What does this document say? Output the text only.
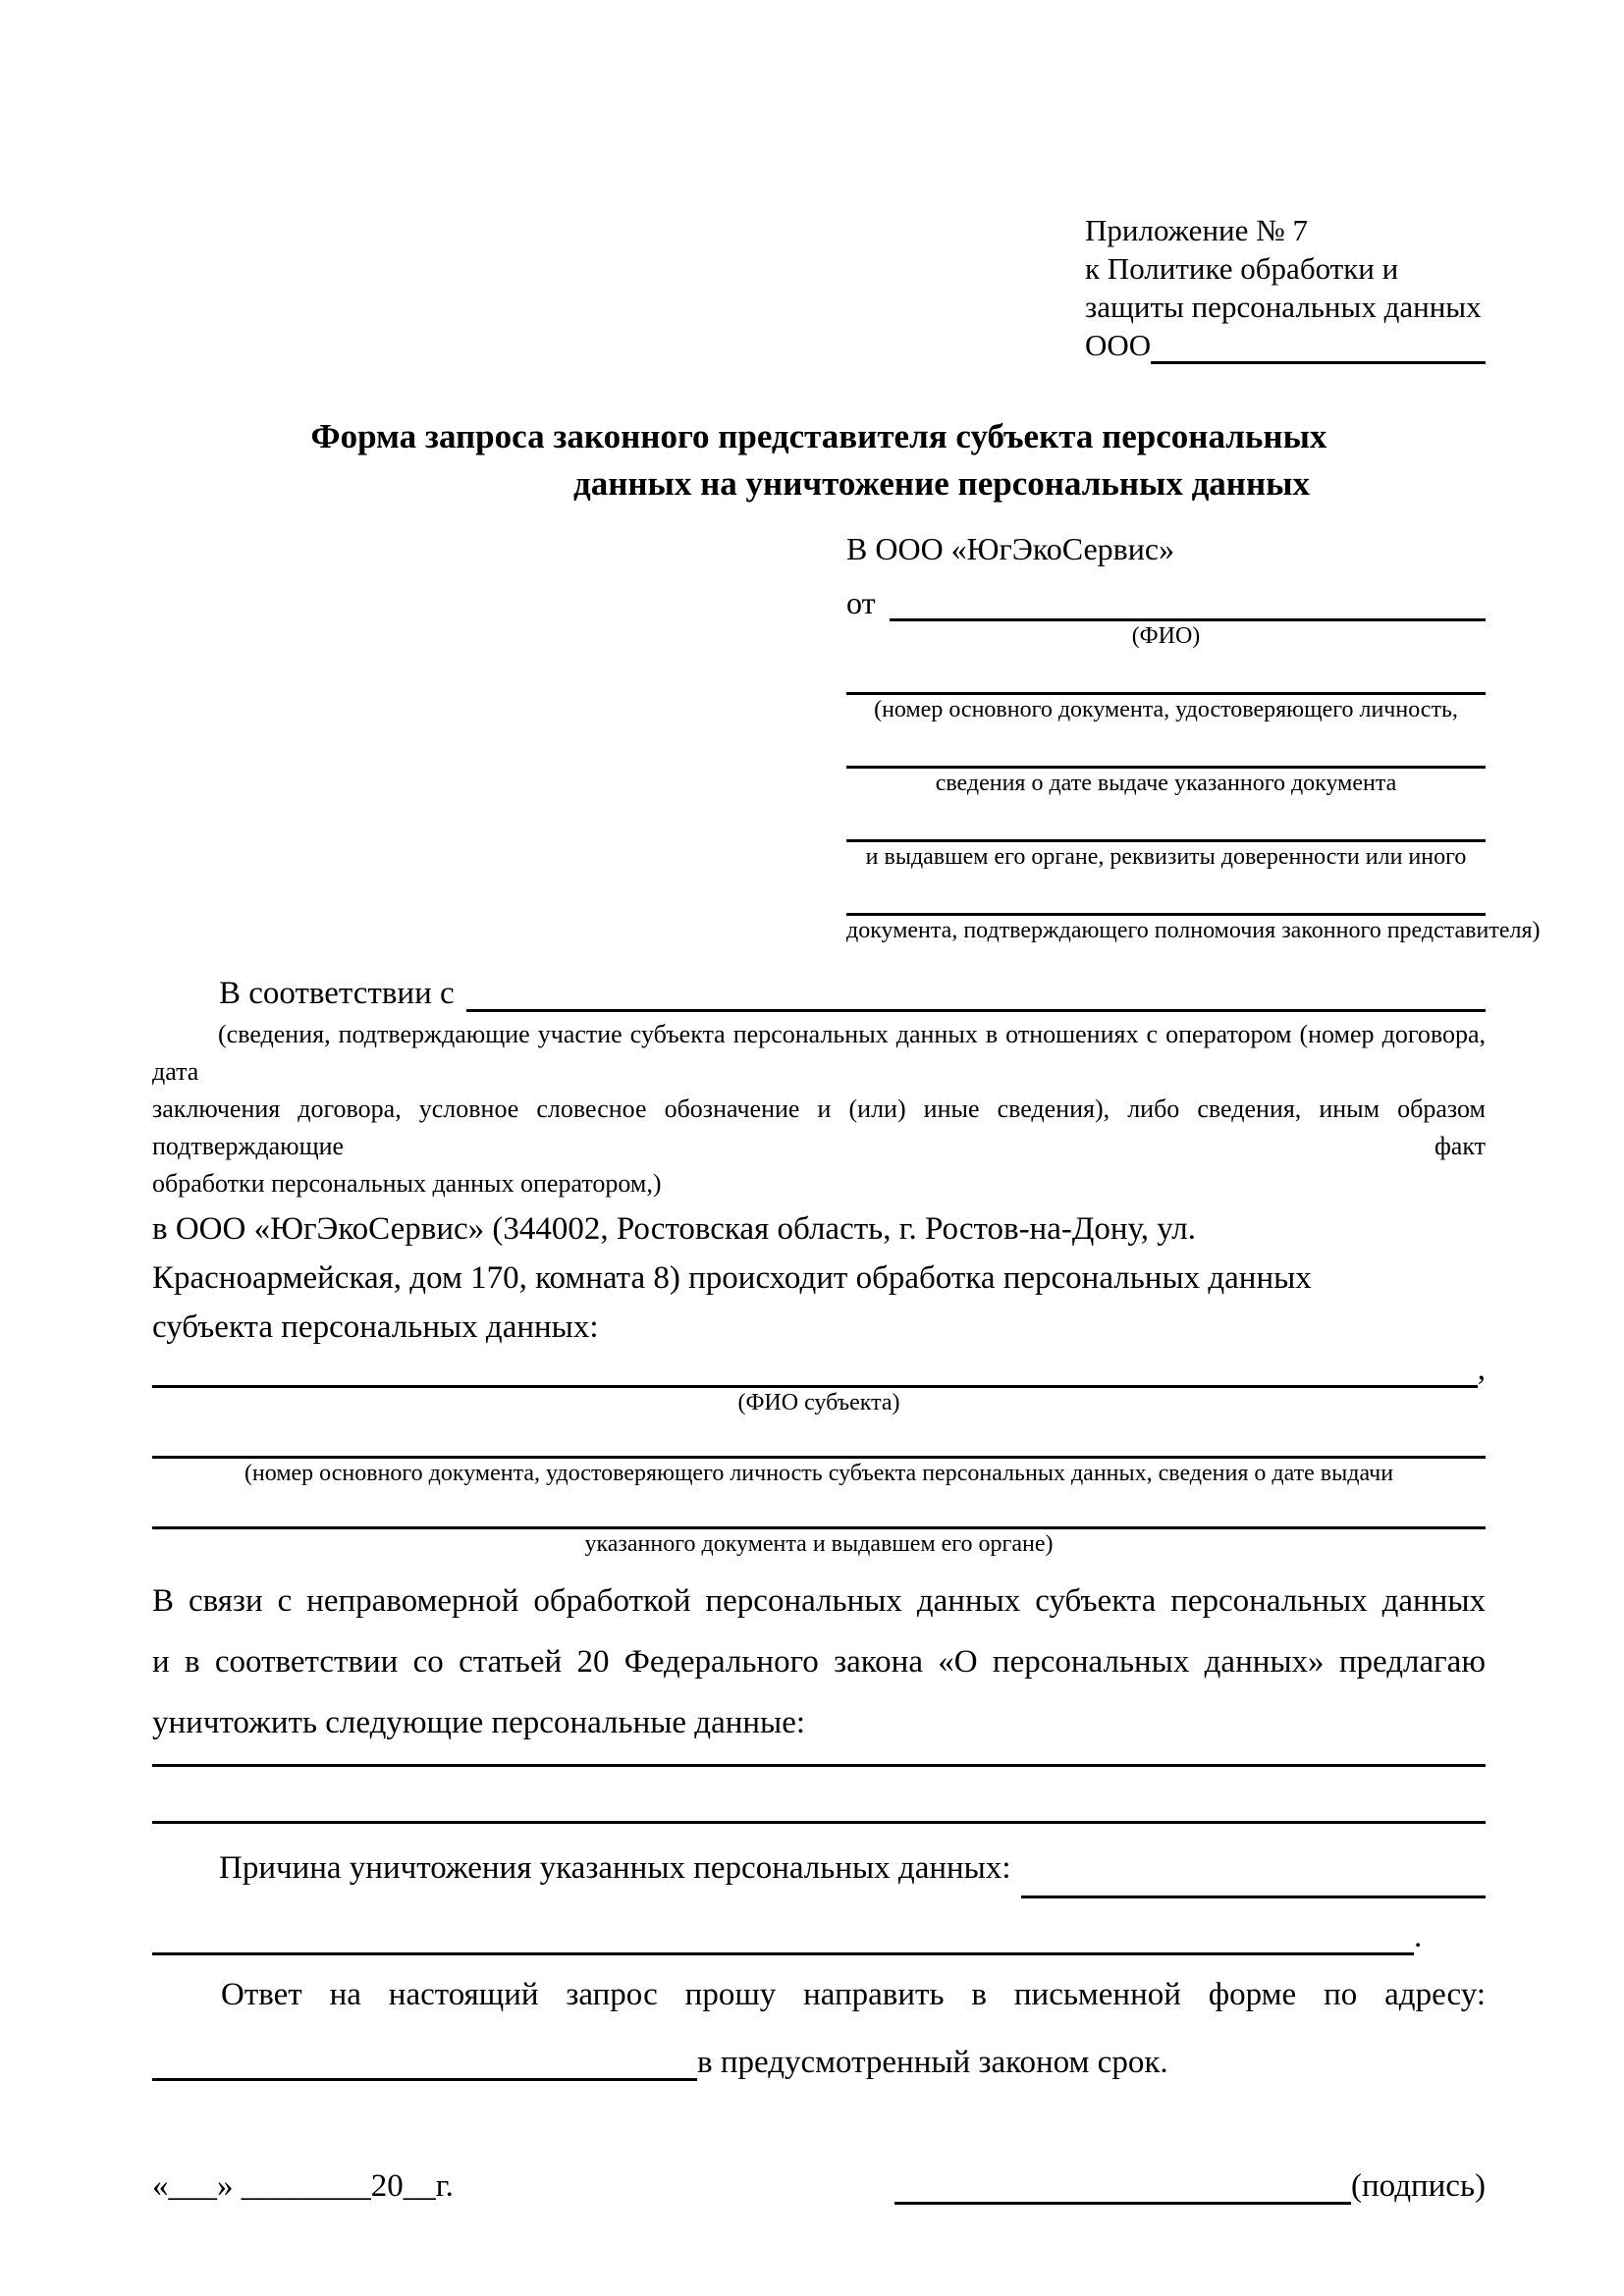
Приложение № 7
к Политике обработки и
защиты персональных данных
ООО
Форма запроса законного представителя субъекта персональных
данных на уничтожение персональных данных
В ООО «ЮгЭкоСервис»
от
(ФИО)
(номер основного документа, удостоверяющего личность,
сведения о дате выдаче указанного документа
и выдавшем его органе, реквизиты доверенности или иного
документа, подтверждающего полномочия законного представителя)
В соответствии с
(сведения, подтверждающие участие субъекта персональных данных в отношениях с оператором (номер договора, дата
заключения договора, условное словесное обозначение и (или) иные сведения), либо сведения, иным образом подтверждающие факт
обработки персональных данных оператором,)
в ООО «ЮгЭкоСервис» (344002, Ростовская область, г. Ростов-на-Дону, ул.
Красноармейская, дом 170, комната 8) происходит обработка персональных данных
субъекта персональных данных:
,
(ФИО субъекта)
(номер основного документа, удостоверяющего личность субъекта персональных данных, сведения о дате выдачи
указанного документа и выдавшем его органе)
В связи с неправомерной обработкой персональных данных субъекта персональных данных
и в соответствии со статьей 20 Федерального закона «О персональных данных» предлагаю
уничтожить следующие персональные данные:
Причина уничтожения указанных персональных данных:
.
Ответ на настоящий запрос прошу направить в письменной форме по адресу:
в предусмотренный законом срок.
«___» ________20__г.	(подпись)
